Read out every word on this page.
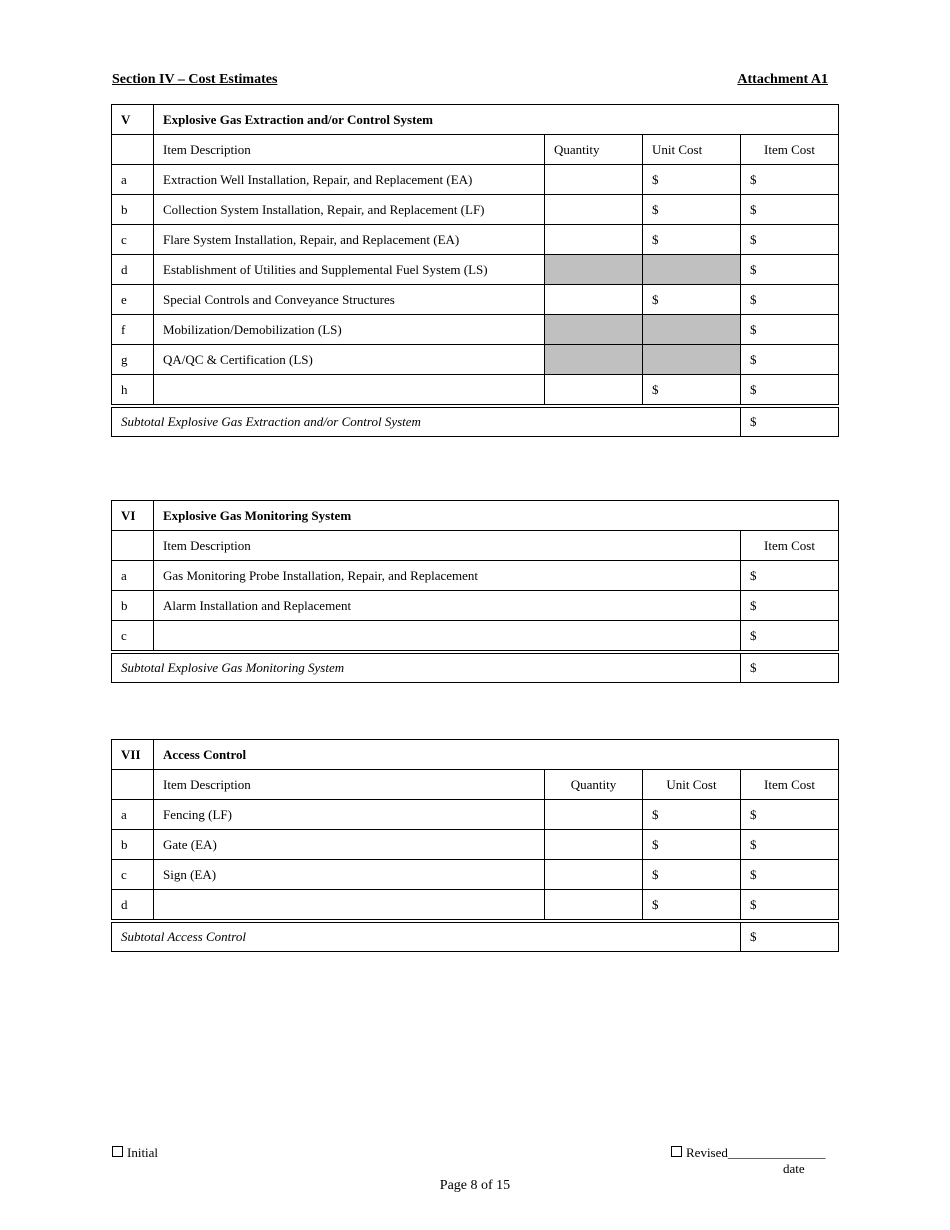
Section IV – Cost Estimates	Attachment A1
V	Explosive Gas Extraction and/or Control System			
	Item Description	Quantity	Unit Cost	Item Cost
a	Extraction Well Installation, Repair, and Replacement (EA)		$	$
b	Collection System Installation, Repair, and Replacement (LF)		$	$
c	Flare System Installation, Repair, and Replacement (EA)		$	$
d	Establishment of Utilities and Supplemental Fuel System (LS)			$
e	Special Controls and Conveyance Structures		$	$
f	Mobilization/Demobilization (LS)			$
g	QA/QC & Certification (LS)			$
h			$	$
Subtotal Explosive Gas Extraction and/or Control System				$
VI	Explosive Gas Monitoring System	
	Item Description	Item Cost
a	Gas Monitoring Probe Installation, Repair, and Replacement	$
b	Alarm Installation and Replacement	$
c		$
Subtotal Explosive Gas Monitoring System		$
VII	Access Control			
	Item Description	Quantity	Unit Cost	Item Cost
a	Fencing (LF)		$	$
b	Gate (EA)		$	$
c	Sign (EA)		$	$
d			$	$
Subtotal Access Control				$
Initial	Revised_______________
date
Page 8 of 15
